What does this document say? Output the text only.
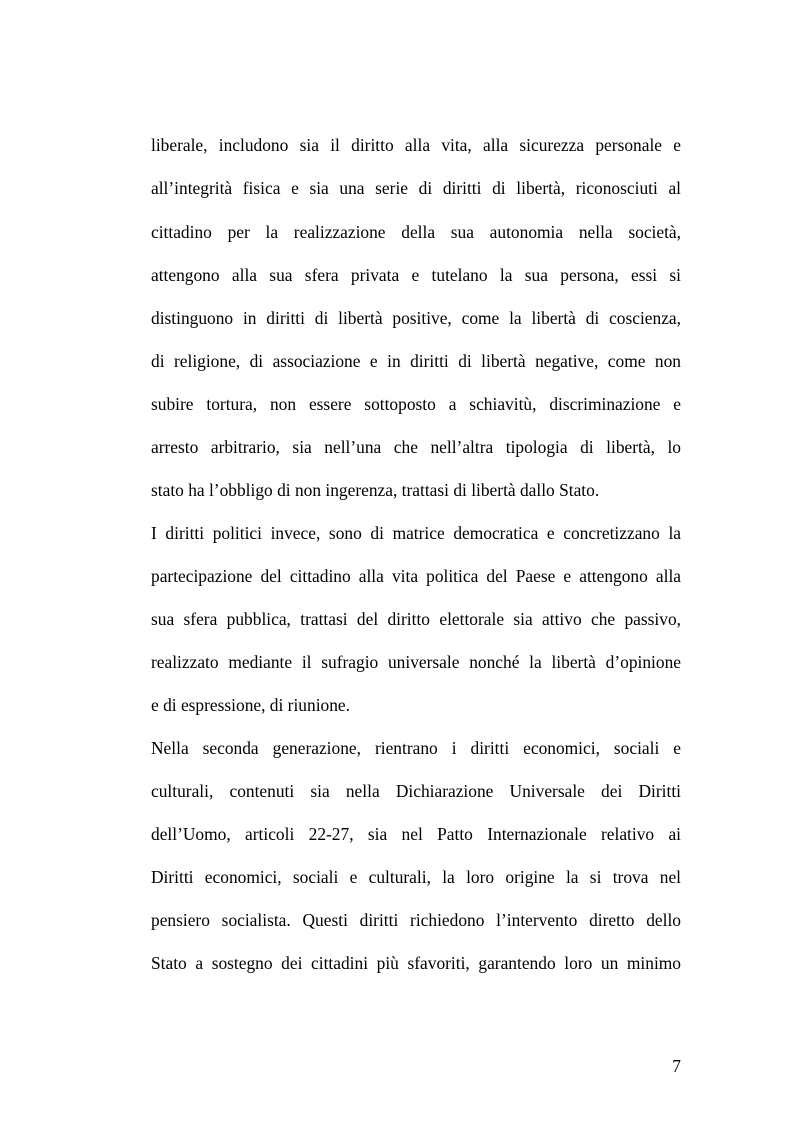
liberale, includono sia il diritto alla vita, alla sicurezza personale e
all’integrità fisica e sia una serie di diritti di libertà, riconosciuti al
cittadino per la realizzazione della sua autonomia nella società,
attengono alla sua sfera privata e tutelano la sua persona, essi si
distinguono in diritti di libertà positive, come la libertà di coscienza,
di religione, di associazione e in diritti di libertà negative, come non
subire tortura, non essere sottoposto a schiavitù, discriminazione e
arresto arbitrario, sia nell’una che nell’altra tipologia di libertà, lo
stato ha l’obbligo di non ingerenza, trattasi di libertà dallo Stato.
I diritti politici invece, sono di matrice democratica e concretizzano la
partecipazione del cittadino alla vita politica del Paese e attengono alla
sua sfera pubblica, trattasi del diritto elettorale sia attivo che passivo,
realizzato mediante il sufragio universale nonché la libertà d’opinione
e di espressione, di riunione.
Nella seconda generazione, rientrano i diritti economici, sociali e
culturali, contenuti sia nella Dichiarazione Universale dei Diritti
dell’Uomo, articoli 22-27, sia nel Patto Internazionale relativo ai
Diritti economici, sociali e culturali, la loro origine la si trova nel
pensiero socialista. Questi diritti richiedono l’intervento diretto dello
Stato a sostegno dei cittadini più sfavoriti, garantendo loro un minimo
7
